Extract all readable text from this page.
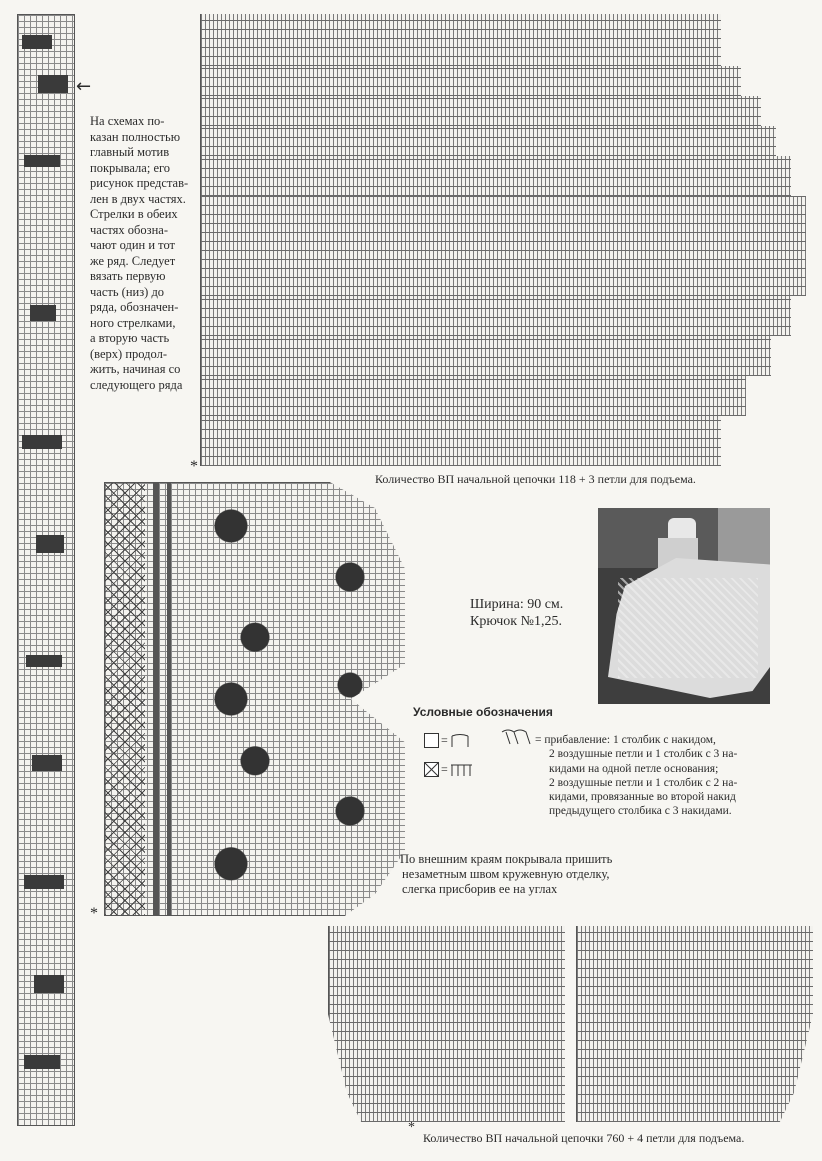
←
На схемах по-
казан полностью
главный мотив
покрывала; его
рисунок представ-
лен в двух частях.
Стрелки в обеих
частях обозна-
чают один и тот
же ряд. Следует
вязать первую
часть (низ) до
ряда, обозначен-
ного стрелками,
а вторую часть
(верх) продол-
жить, начиная со
следующего ряда
*
Количество ВП начальной цепочки 118 + 3 петли для подъема.
*
Ширина: 90 см.
Крючок №1,25.
Условные обозначения
=
=
= прибавление: 1 столбик с накидом,
2 воздушные петли и 1 столбик с 3 на-
кидами на одной петле основания;
2 воздушные петли и 1 столбик с 2 на-
кидами, провязанные во второй накид
предыдущего столбика с 3 накидами.
По внешним краям покрывала пришить
незаметным швом кружевную отделку,
слегка присборив ее на углах
*
Количество ВП начальной цепочки 760 + 4 петли для подъема.
